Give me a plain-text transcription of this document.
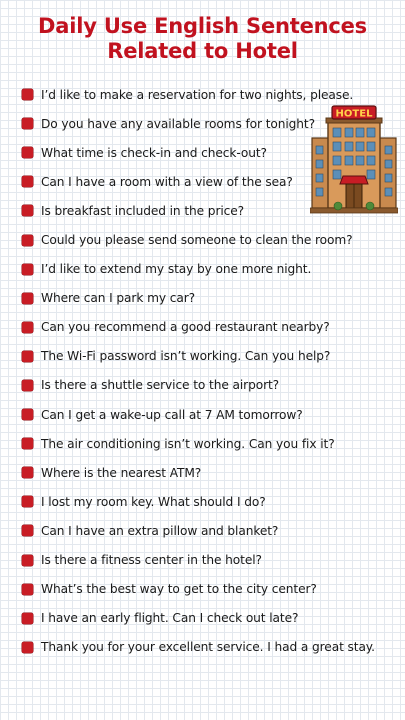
Daily Use English Sentences
Related to Hotel
I’d like to make a reservation for two nights, please.
Do you have any available rooms for tonight?
What time is check-in and check-out?
Can I have a room with a view of the sea?
Is breakfast included in the price?
Could you please send someone to clean the room?
I’d like to extend my stay by one more night.
Where can I park my car?
Can you recommend a good restaurant nearby?
The Wi-Fi password isn’t working. Can you help?
Is there a shuttle service to the airport?
Can I get a wake-up call at 7 AM tomorrow?
The air conditioning isn’t working. Can you fix it?
Where is the nearest ATM?
I lost my room key. What should I do?
Can I have an extra pillow and blanket?
Is there a fitness center in the hotel?
What’s the best way to get to the city center?
I have an early flight. Can I check out late?
Thank you for your excellent service. I had a great stay.
HOTEL
